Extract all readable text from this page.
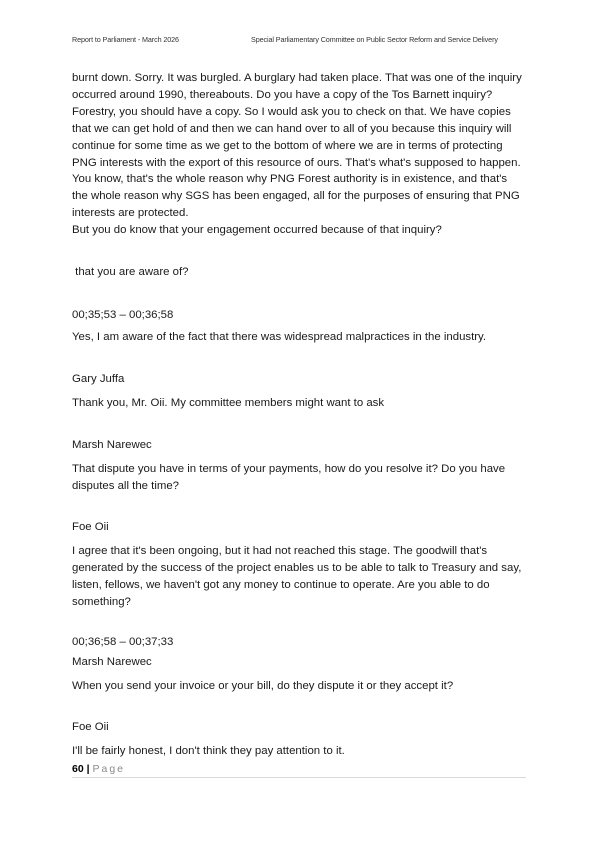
Report to Parliament - March 2026	Special Parliamentary Committee on Public Sector Reform and Service Delivery

burnt down. Sorry. It was burgled. A burglary had taken place. That was one of the inquiry occurred around 1990, thereabouts. Do you have a copy of the Tos Barnett inquiry? Forestry, you should have a copy. So I would ask you to check on that. We have copies that we can get hold of and then we can hand over to all of you because this inquiry will continue for some time as we get to the bottom of where we are in terms of protecting PNG interests with the export of this resource of ours. That's what's supposed to happen. You know, that's the whole reason why PNG Forest authority is in existence, and that's the whole reason why SGS has been engaged, all for the purposes of ensuring that PNG interests are protected.

But you do know that your engagement occurred because of that inquiry?

that you are aware of?

00;35;53 – 00;36;58

Yes, I am aware of the fact that there was widespread malpractices in the industry.

Gary Juffa

Thank you, Mr. Oii. My committee members might want to ask

Marsh Narewec

That dispute you have in terms of your payments, how do you resolve it? Do you have disputes all the time?

Foe Oii

I agree that it's been ongoing, but it had not reached this stage. The goodwill that's generated by the success of the project enables us to be able to talk to Treasury and say, listen, fellows, we haven't got any money to continue to operate. Are you able to do something?

00;36;58 – 00;37;33

Marsh Narewec

When you send your invoice or your bill, do they dispute it or they accept it?

Foe Oii

I'll be fairly honest, I don't think they pay attention to it.

60 | Page
